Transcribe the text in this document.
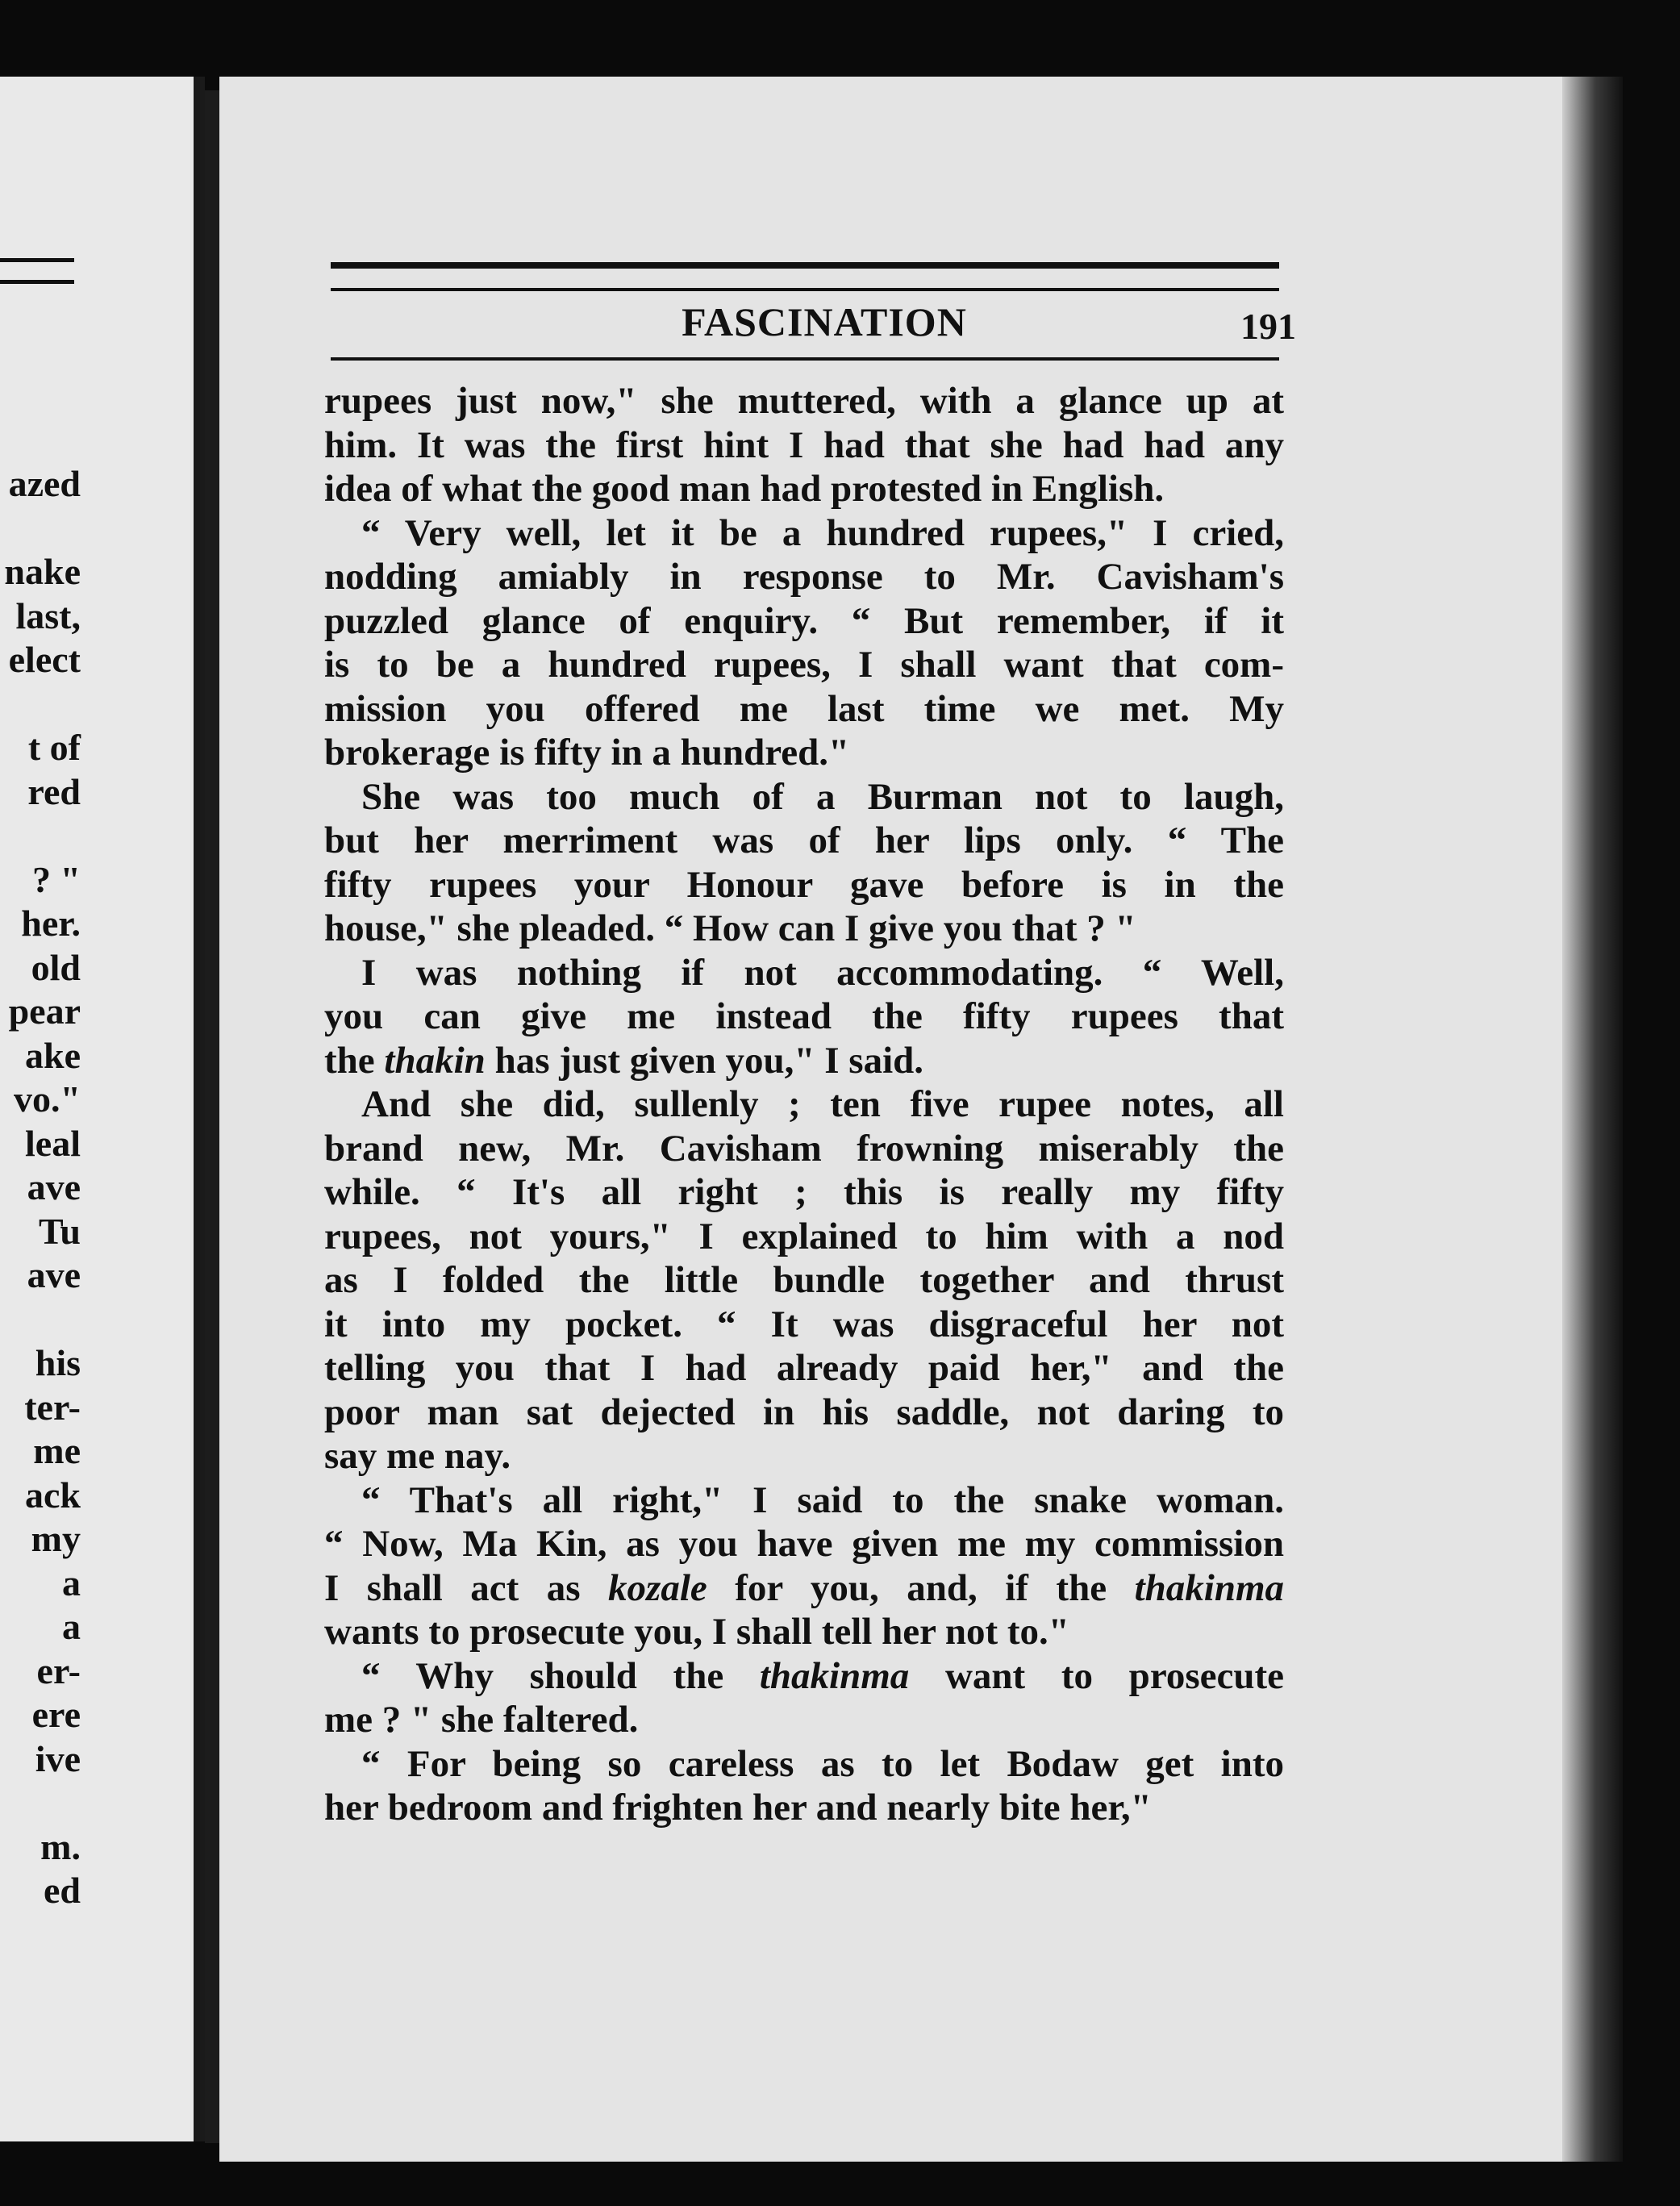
azed
nake
last,
elect
t of
red
? "
her.
old
pear
ake
vo."
leal
ave
Tu
ave
his
ter-
me
ack
my
a
a
er-
ere
ive
m.
ed
FASCINATION	191
rupees just now," she muttered, with a glance up at
him. It was the first hint I had that she had had any
idea of what the good man had protested in English.
“ Very well, let it be a hundred rupees," I cried,
nodding amiably in response to Mr. Cavisham's
puzzled glance of enquiry. “ But remember, if it
is to be a hundred rupees, I shall want that com-
mission you offered me last time we met. My
brokerage is fifty in a hundred."
She was too much of a Burman not to laugh,
but her merriment was of her lips only. “ The
fifty rupees your Honour gave before is in the
house," she pleaded. “ How can I give you that ? "
I was nothing if not accommodating. “ Well,
you can give me instead the fifty rupees that
the thakin has just given you," I said.
And she did, sullenly ; ten five rupee notes, all
brand new, Mr. Cavisham frowning miserably the
while. “ It's all right ; this is really my fifty
rupees, not yours," I explained to him with a nod
as I folded the little bundle together and thrust
it into my pocket. “ It was disgraceful her not
telling you that I had already paid her," and the
poor man sat dejected in his saddle, not daring to
say me nay.
“ That's all right," I said to the snake woman.
“ Now, Ma Kin, as you have given me my commission
I shall act as kozale for you, and, if the thakinma
wants to prosecute you, I shall tell her not to."
“ Why should the thakinma want to prosecute
me ? " she faltered.
“ For being so careless as to let Bodaw get into
her bedroom and frighten her and nearly bite her,"
